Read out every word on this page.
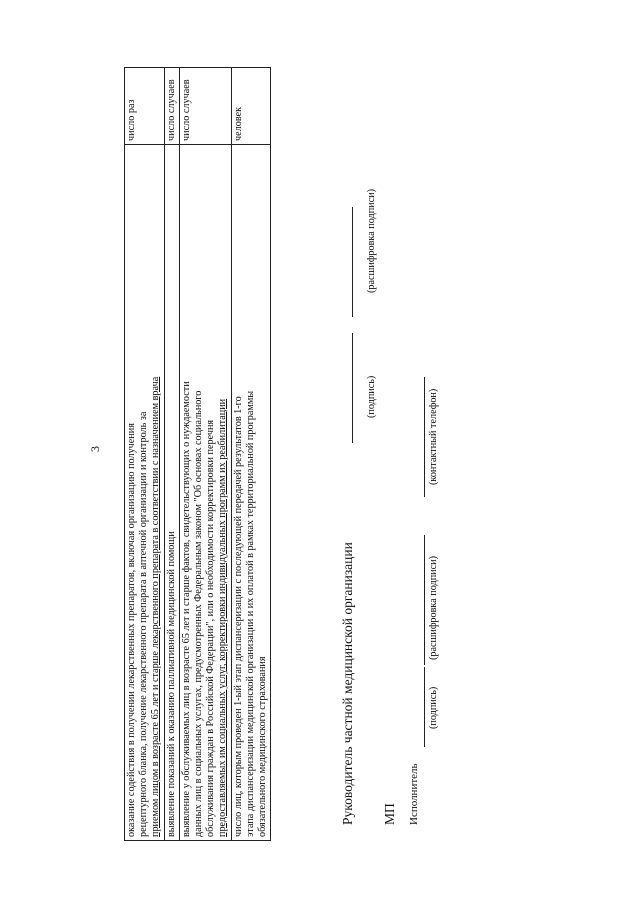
3 оказание содействия в получении лекарственных препаратов, включая организацию получения рецептурного бланка, получение лекарственного препарата в аптечной организации и контроль за приемом лицом в возрасте 65 лет и старше лекарственного препарата в соответствии с назначением врача	число раз

выявление показаний к оказанию паллиативной медицинской помощи	число случаев

выявление у обслуживаемых лиц в возрасте 65 лет и старше фактов, свидетельствующих о нуждаемости данных лиц в социальных услугах, предусмотренных Федеральным законом "Об основах социального обслуживания граждан в Российской Федерации", или о необходимости корректировки перечня предоставляемых им социальных услуг, корректировки индивидуальных программ их реабилитации	число случаев

число лиц, которым проведен 1-ый этап диспансеризации с последующей передачей результатов 1-го этапа диспансеризации медицинской организации и их оплатой в рамках территориальной программы обязательного медицинского страхования	человек
Руководитель частной медицинской организации
(подпись)
(расшифровка подписи)
МП Исполнитель
(подпись)
(расшифровка подписи)
(контактный телефон)
